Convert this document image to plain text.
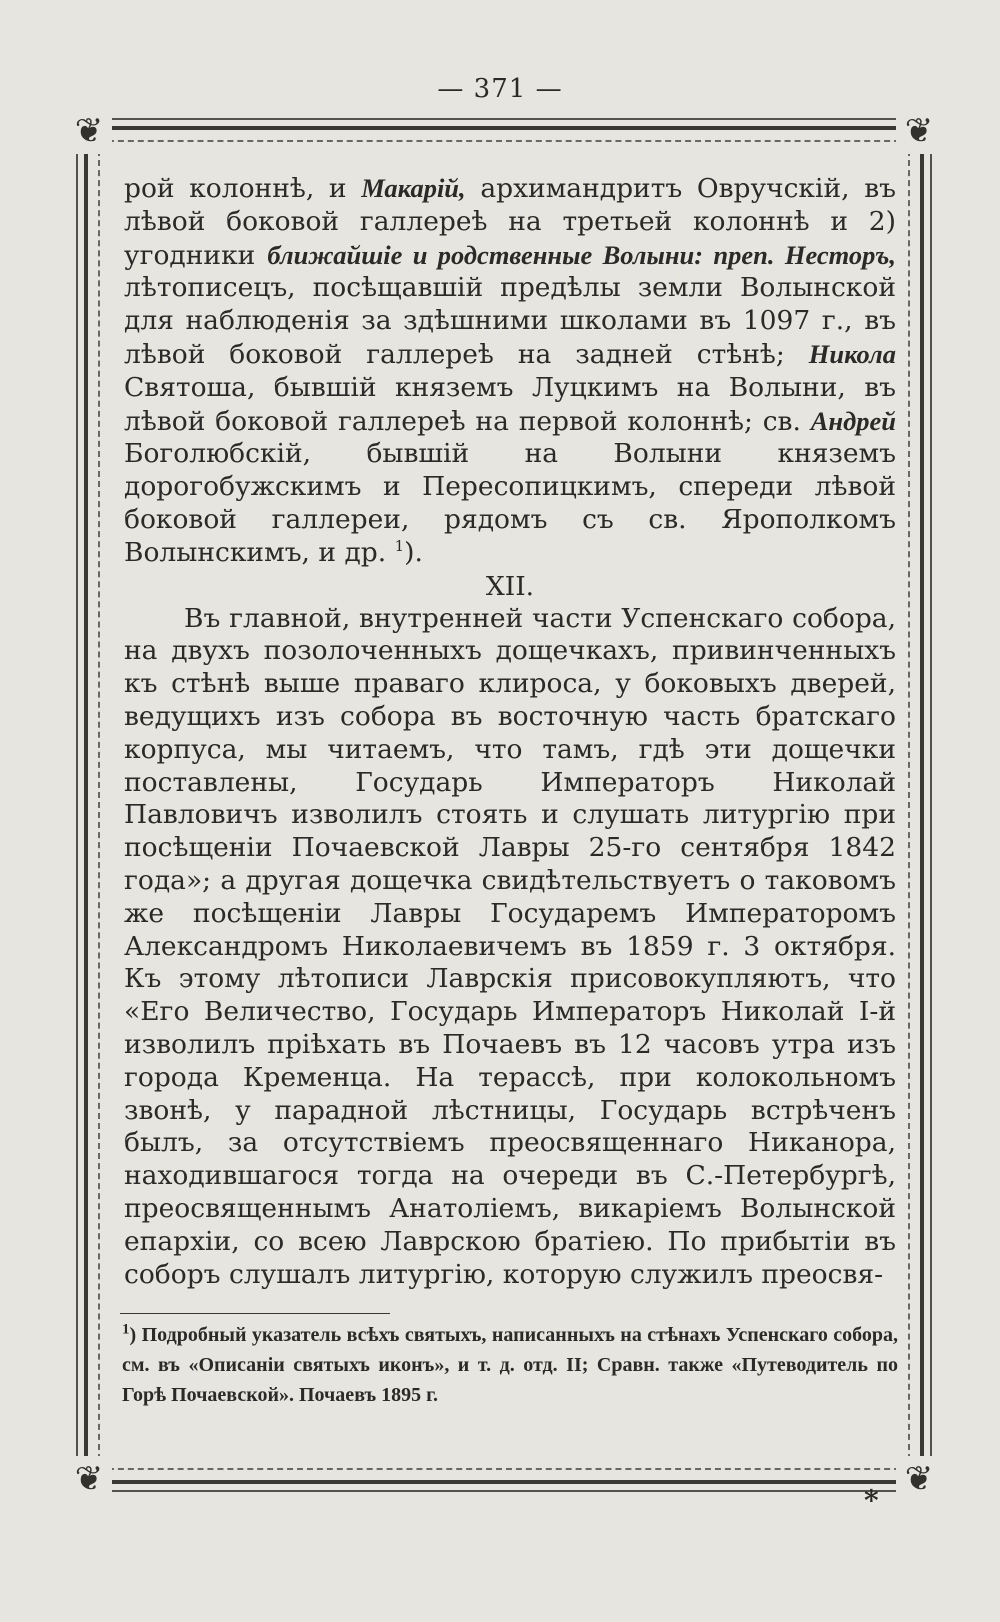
— 371 —
❦	❦
❦	❦

рой колоннѣ, и Макарій, архимандритъ Овручскій, въ лѣвой боковой галлереѣ на третьей колоннѣ и 2) угодники ближайшіе и родственные Волыни: преп. Несторъ, лѣтописецъ, посѣщавшій предѣлы земли Волынской для наблюденія за здѣшними школами въ 1097 г., въ лѣвой боковой галлереѣ на задней стѣнѣ; Никола Святоша, бывшій княземъ Луцкимъ на Волыни, въ лѣвой боковой галлереѣ на первой колоннѣ; св. Андрей Боголюбскій, бывшій на Волыни княземъ дорогобужскимъ и Пересопицкимъ, спереди лѣвой боковой галлереи, рядомъ съ св. Ярополкомъ Волынскимъ, и др. $^1$).

XII.

Въ главной, внутренней части Успенскаго собора, на двухъ позолоченныхъ дощечкахъ, привинченныхъ къ стѣнѣ выше праваго клироса, у боковыхъ дверей, ведущихъ изъ собора въ восточную часть братскаго корпуса, мы читаемъ, что тамъ, гдѣ эти дощечки поставлены, Государь Императоръ Николай Павловичъ изволилъ стоять и слушать литургію при посѣщеніи Почаевской Лавры 25-го сентября 1842 года»; а другая дощечка свидѣтельствуетъ о таковомъ же посѣщеніи Лавры Государемъ Императоромъ Александромъ Николаевичемъ въ 1859 г. 3 октября. Къ этому лѣтописи Лаврскія присовокупляютъ, что «Его Величество, Государь Императоръ Николай I-й изволилъ пріѣхать въ Почаевъ въ 12 часовъ утра изъ города Кременца. На терассѣ, при колокольномъ звонѣ, у парадной лѣстницы, Государь встрѣченъ былъ, за отсутствіемъ преосвященнаго Никанора, находившагося тогда на очереди въ С.-Петербургѣ, преосвященнымъ Анатоліемъ, викаріемъ Волынской епархіи, со всею Лаврскою братіею. По прибытіи въ соборъ слушалъ литургію, которую служилъ преосвя-

$^1$) Подробный указатель всѣхъ святыхъ, написанныхъ на стѣнахъ Успенскаго собора, см. въ «Описаніи святыхъ иконъ», и т. д. отд. II; Сравн. также «Путеводитель по Горѣ Почаевской». Почаевъ 1895 г.
*
